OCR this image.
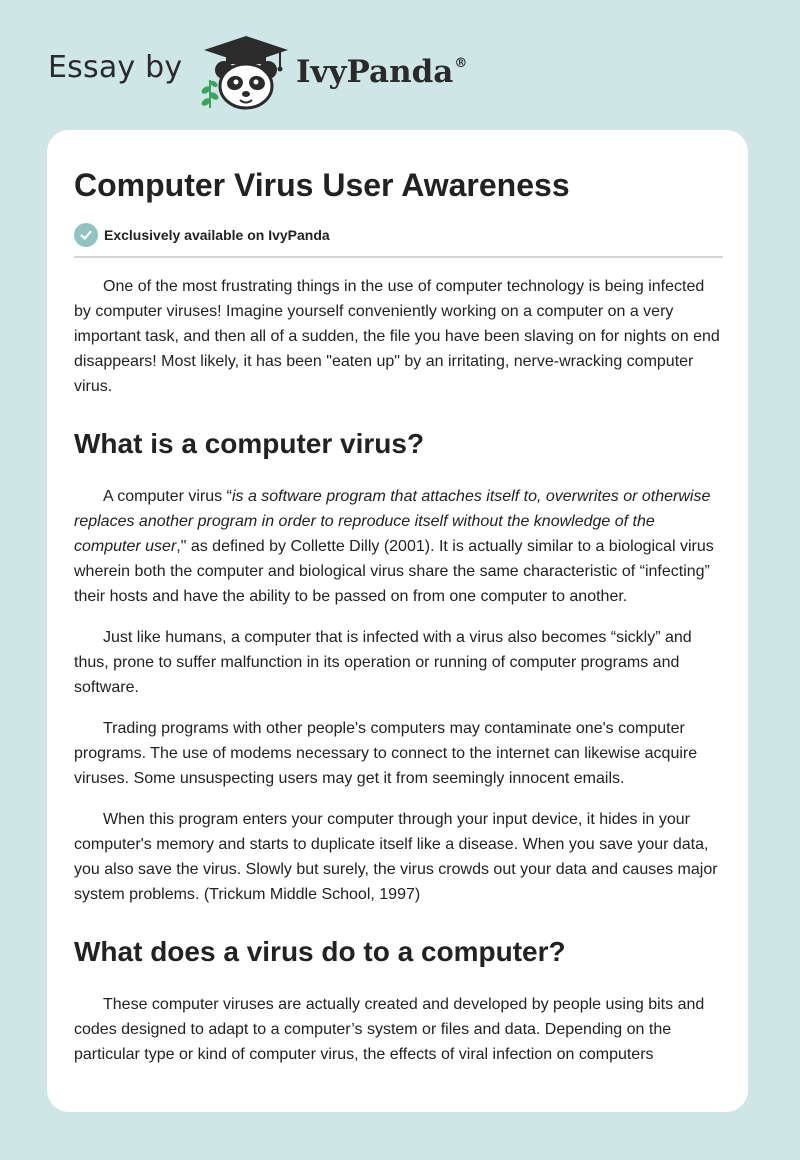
Essay by	IvyPanda®
Computer Virus User Awareness
Exclusively available on IvyPanda

One of the most frustrating things in the use of computer technology is being infected by computer viruses! Imagine yourself conveniently working on a computer on a very important task, and then all of a sudden, the file you have been slaving on for nights on end disappears! Most likely, it has been "eaten up" by an irritating, nerve-wracking computer virus.

What is a computer virus?

A computer virus “is a software program that attaches itself to, overwrites or otherwise replaces another program in order to reproduce itself without the knowledge of the computer user," as defined by Collette Dilly (2001). It is actually similar to a biological virus wherein both the computer and biological virus share the same characteristic of “infecting” their hosts and have the ability to be passed on from one computer to another.

Just like humans, a computer that is infected with a virus also becomes “sickly” and thus, prone to suffer malfunction in its operation or running of computer programs and software.

Trading programs with other people's computers may contaminate one's computer programs. The use of modems necessary to connect to the internet can likewise acquire viruses. Some unsuspecting users may get it from seemingly innocent emails.

When this program enters your computer through your input device, it hides in your computer's memory and starts to duplicate itself like a disease. When you save your data, you also save the virus. Slowly but surely, the virus crowds out your data and causes major system problems. (Trickum Middle School, 1997)

What does a virus do to a computer?

These computer viruses are actually created and developed by people using bits and codes designed to adapt to a computer’s system or files and data. Depending on the particular type or kind of computer virus, the effects of viral infection on computers
